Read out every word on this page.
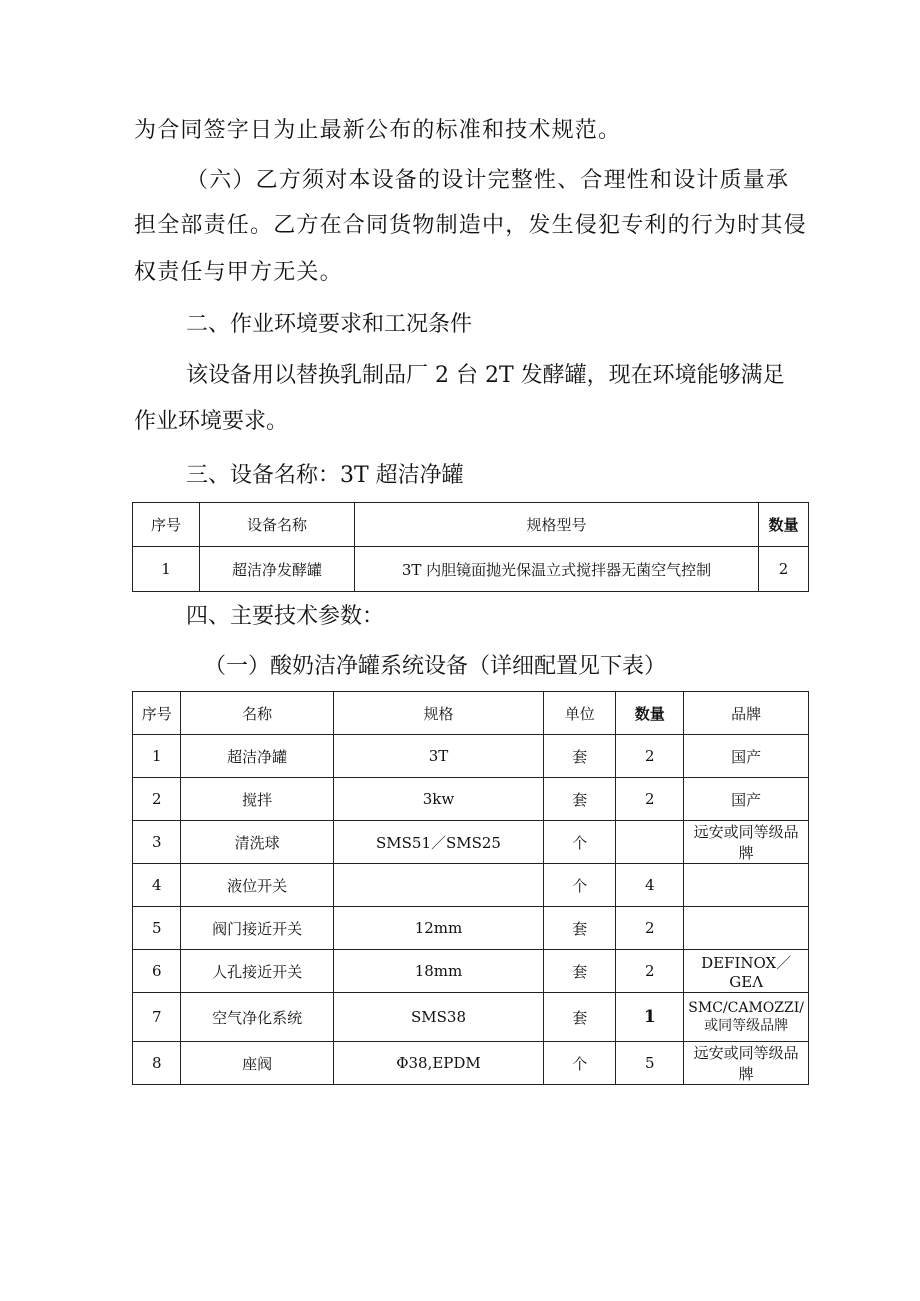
为合同签字日为止最新公布的标准和技术规范。
（六）乙方须对本设备的设计完整性、合理性和设计质量承
担全部责任。乙方在合同货物制造中，发生侵犯专利的行为时其侵
权责任与甲方无关。
二、作业环境要求和工况条件
该设备用以替换乳制品厂 2 台 2T 发酵罐，现在环境能够满足
作业环境要求。
三、设备名称：3T 超洁净罐
序号	设备名称	规格型号	数量
1	超洁净发酵罐	3T 内胆镜面抛光保温立式搅拌器无菌空气控制	2
四、主要技术参数：
（一）酸奶洁净罐系统设备（详细配置见下表）
序号	名称	规格	单位	数量	品牌
1	超洁净罐	3T	套	2	国产
2	搅拌	3kw	套	2	国产
3	清洗球	SMS51／SMS25	个		远安或同等级品牌
4	液位开关		个	4	
5	阀门接近开关	12mm	套	2	
6	人孔接近开关	18mm	套	2	DEFINOX／GEΛ
7	空气净化系统	SMS38	套	1	SMC/CAMOZZI/或同等级品牌
8	座阀	Φ38,EPDM	个	5	远安或同等级品牌
